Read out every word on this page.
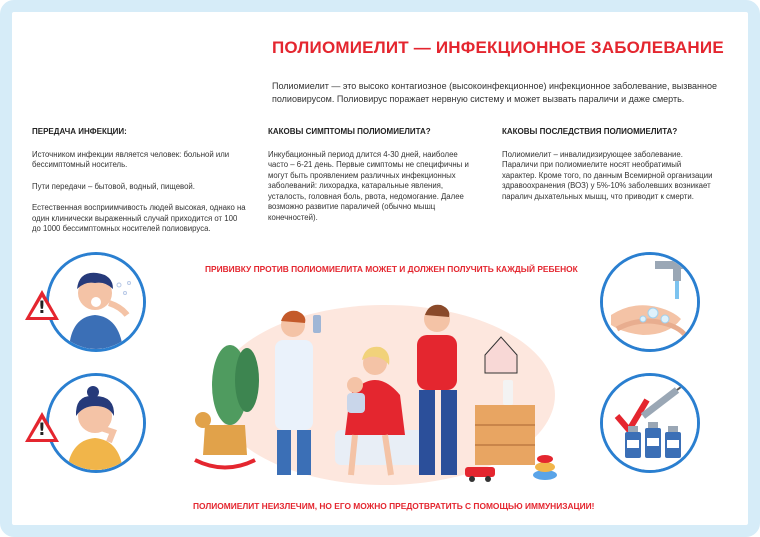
ПОЛИОМИЕЛИТ — ИНФЕКЦИОННОЕ ЗАБОЛЕВАНИЕ
Полиомиелит — это высоко контагиозное (высокоинфекционное) инфекционное заболевание, вызванное полиовирусом. Полиовирус поражает нервную систему и может вызвать параличи и даже смерть.
ПЕРЕДАЧА ИНФЕКЦИИ:

Источником инфекции является человек: больной или бессимптомный носитель.

Пути передачи – бытовой, водный, пищевой.

Естественная восприимчивость людей высокая, однако на один клинически выраженный случай приходится от 100 до 1000 бессимптомных носителей полиовируса.

КАКОВЫ СИМПТОМЫ ПОЛИОМИЕЛИТА?

Инкубационный период длится 4-30 дней, наиболее часто – 6-21 день. Первые симптомы не специфичны и могут быть проявлением различных инфекционных заболеваний: лихорадка, катаральные явления, усталость, головная боль, рвота, недомогание. Далее возможно развитие параличей (обычно мышц конечностей).

КАКОВЫ ПОСЛЕДСТВИЯ ПОЛИОМИЕЛИТА?

Полиомиелит – инвалидизирующее заболевание. Параличи при полиомиелите носят необратимый характер. Кроме того, по данным Всемирной организации здравоохранения (ВОЗ) у 5%-10% заболевших возникает паралич дыхательных мышц, что приводит к смерти.

ПРИВИВКУ ПРОТИВ ПОЛИОМИЕЛИТА МОЖЕТ И ДОЛЖЕН ПОЛУЧИТЬ КАЖДЫЙ РЕБЕНОК
!
!
ПОЛИОМИЕЛИТ НЕИЗЛЕЧИМ, НО ЕГО МОЖНО ПРЕДОТВРАТИТЬ С ПОМОЩЬЮ ИММУНИЗАЦИИ!
